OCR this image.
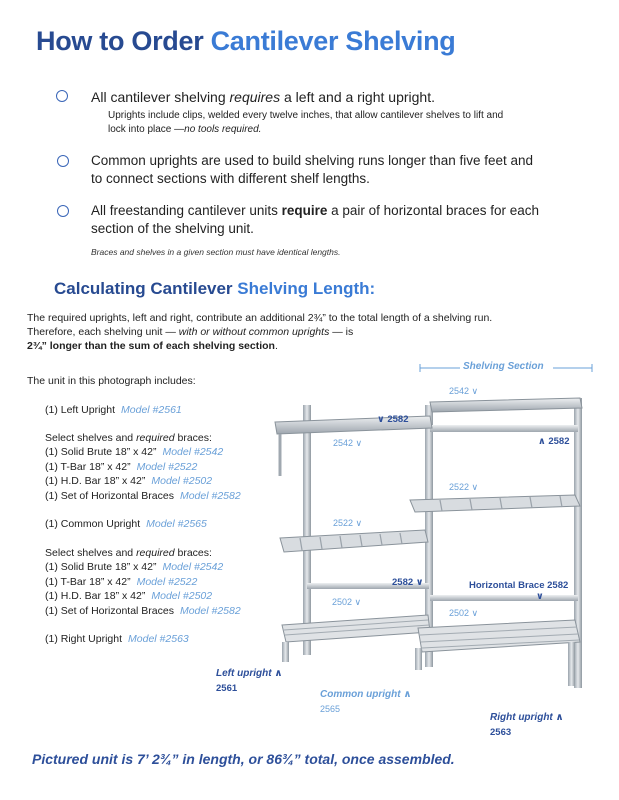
How to Order Cantilever Shelving
All cantilever shelving requires a left and a right upright.
Uprights include clips, welded every twelve inches, that allow cantilever shelves to lift and
lock into place —no tools required.
Common uprights are used to build shelving runs longer than five feet and
to connect sections with different shelf lengths.
All freestanding cantilever units require a pair of horizontal braces for each
section of the shelving unit.
Braces and shelves in a given section must have identical lengths.
Calculating Cantilever Shelving Length:
The required uprights, left and right, contribute an additional 2¾” to the total length of a shelving run.
Therefore, each shelving unit — with or without common uprights — is
2¾” longer than the sum of each shelving section.
The unit in this photograph includes:
(1) Left Upright Model #2561
Select shelves and required braces:
(1) Solid Brute 18” x 42” Model #2542
(1) T-Bar 18” x 42” Model #2522
(1) H.D. Bar 18” x 42” Model #2502
(1) Set of Horizontal Braces Model #2582
(1) Common Upright Model #2565
Select shelves and required braces:
(1) Solid Brute 18” x 42” Model #2542
(1) T-Bar 18” x 42” Model #2522
(1) H.D. Bar 18” x 42” Model #2502
(1) Set of Horizontal Braces Model #2582
(1) Right Upright Model #2563
Shelving Section
2542 ∨
∨ 2582
∧ 2582
2542 ∨
2522 ∨
2522 ∨
2582 ∨	Horizontal Brace 2582
∨
2502 ∨
2502 ∨
Left upright ∧
2561
Common upright ∧
2565
Right upright ∧
2563
Pictured unit is 7’ 2¾” in length, or 86¾” total, once assembled.
